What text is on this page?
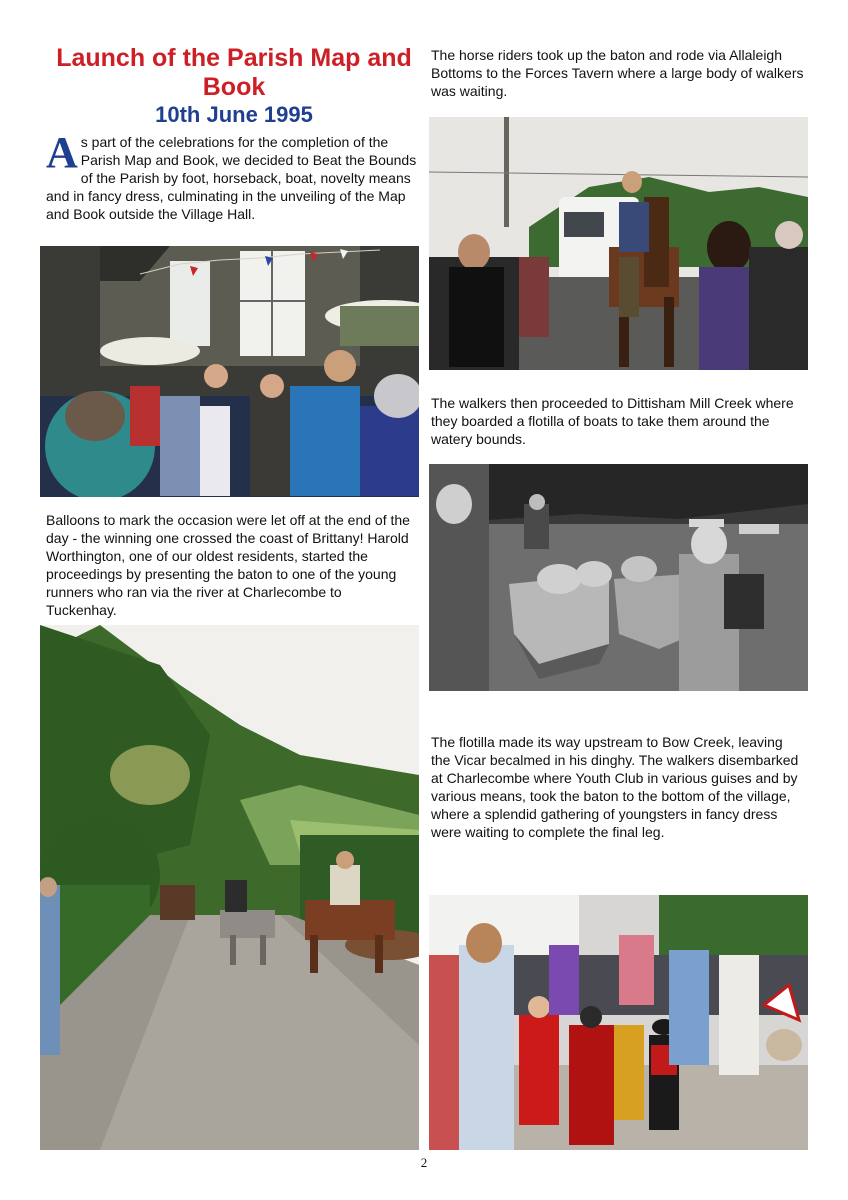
Launch of the Parish Map and Book
10th June 1995
As part of the celebrations for the completion of the Parish Map and Book, we decided to Beat the Bounds of the Parish by foot, horseback, boat, novelty means and in fancy dress, culminating in the unveiling of the Map and Book outside the Village Hall.
Balloons to mark the occasion were let off at the end of the day - the winning one crossed the coast of Brittany! Harold Worthington, one of our oldest residents, started the proceedings by presenting the baton to one of the young runners who ran via the river at Charlecombe to Tuckenhay.
The horse riders took up the baton and rode via Allaleigh Bottoms to the Forces Tavern where a large body of walkers was waiting.
The walkers then proceeded to Dittisham Mill Creek where they boarded a flotilla of boats to take them around the watery bounds.
The flotilla made its way upstream to Bow Creek, leaving the Vicar becalmed in his dinghy. The walkers disembarked at Charlecombe where Youth Club in various guises and by various means, took the baton to the bottom of the village, where a splendid gathering of youngsters in fancy dress were waiting to complete the final leg.
2
